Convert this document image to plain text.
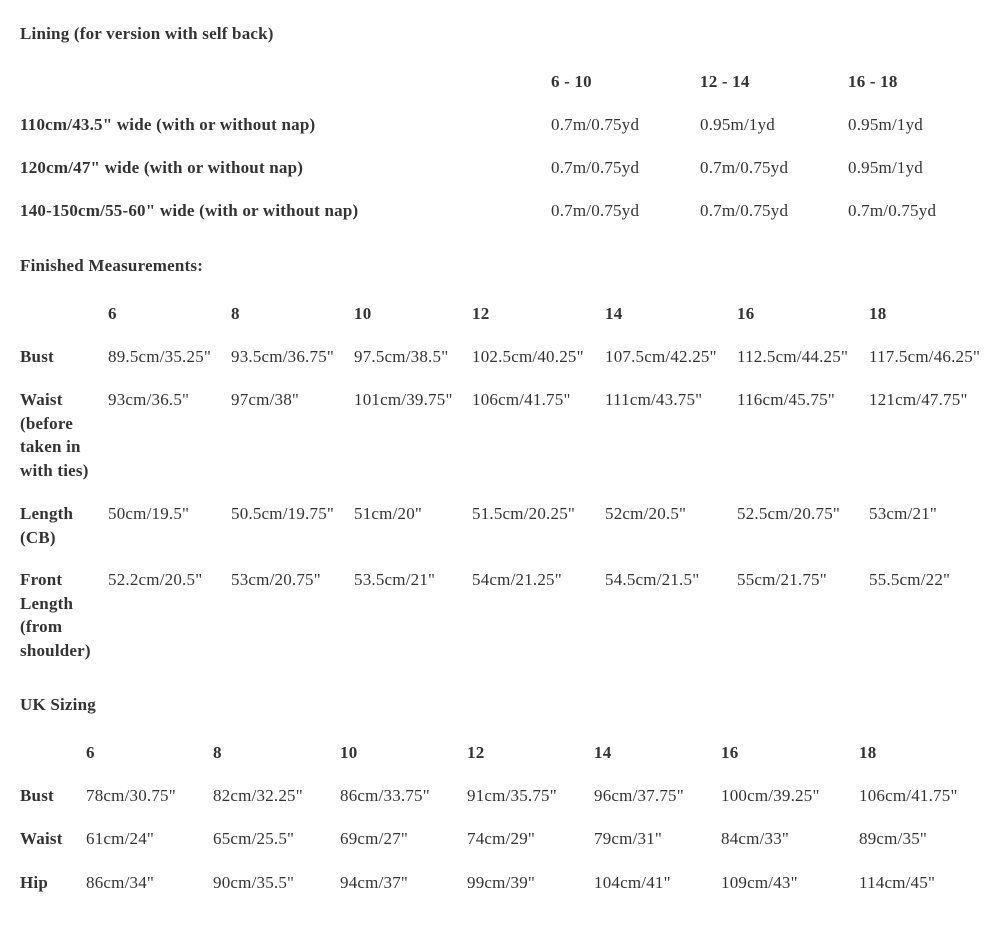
Lining (for version with self back)
6 - 10	12 - 14	16 - 18
110cm/43.5" wide (with or without nap)	0.7m/0.75yd	0.95m/1yd	0.95m/1yd
120cm/47" wide (with or without nap)	0.7m/0.75yd	0.7m/0.75yd	0.95m/1yd
140-150cm/55-60" wide (with or without nap)	0.7m/0.75yd	0.7m/0.75yd	0.7m/0.75yd
Finished Measurements:
6	8	10	12	14	16	18
Bust	89.5cm/35.25" 93.5cm/36.75" 97.5cm/38.5" 102.5cm/40.25" 107.5cm/42.25" 112.5cm/44.25" 117.5cm/46.25"
Waist (before taken in with ties)
93cm/36.5" 97cm/38"	101cm/39.75" 106cm/41.75" 111cm/43.75" 116cm/45.75" 121cm/47.75"
Length (CB)
50cm/19.5" 50.5cm/19.75" 51cm/20"	51.5cm/20.25" 52cm/20.5"	52.5cm/20.75" 53cm/21"
Front Length (from shoulder)
52.2cm/20.5" 53cm/20.75" 53.5cm/21" 54cm/21.25"	54.5cm/21.5" 55cm/21.75" 55.5cm/22"
UK Sizing
6	8	10	12	14	16	18
Bust 78cm/30.75" 82cm/32.25" 86cm/33.75" 91cm/35.75" 96cm/37.75" 100cm/39.25" 106cm/41.75"
Waist 61cm/24"	65cm/25.5"	69cm/27"	74cm/29"	79cm/31"	84cm/33"	89cm/35"
Hip 86cm/34"	90cm/35.5"	94cm/37"	99cm/39"	104cm/41"	109cm/43"	114cm/45"
